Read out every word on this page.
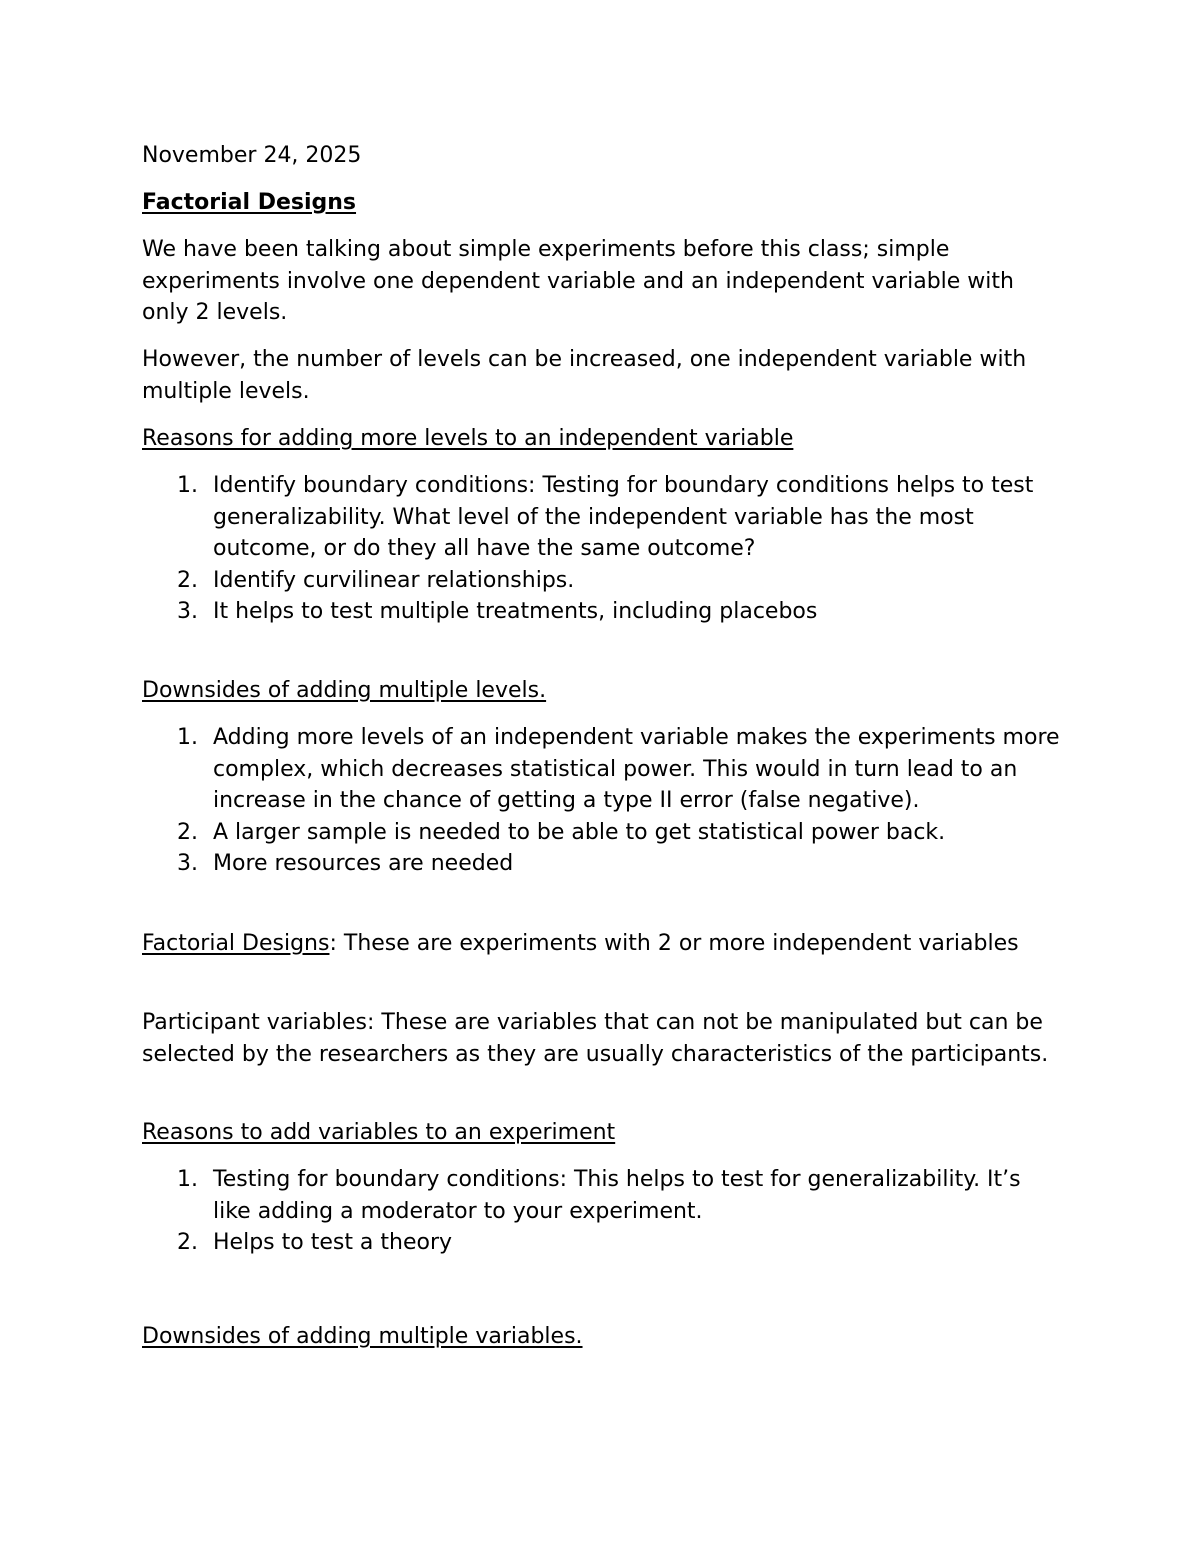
November 24, 2025

Factorial Designs

We have been talking about simple experiments before this class; simple experiments involve one dependent variable and an independent variable with only 2 levels.

However, the number of levels can be increased, one independent variable with multiple levels.

Reasons for adding more levels to an independent variable

1. Identify boundary conditions: Testing for boundary conditions helps to test generalizability. What level of the independent variable has the most outcome, or do they all have the same outcome?
2. Identify curvilinear relationships.
3. It helps to test multiple treatments, including placebos

Downsides of adding multiple levels.

1. Adding more levels of an independent variable makes the experiments more complex, which decreases statistical power. This would in turn lead to an increase in the chance of getting a type II error (false negative).
2. A larger sample is needed to be able to get statistical power back.
3. More resources are needed

Factorial Designs: These are experiments with 2 or more independent variables

Participant variables: These are variables that can not be manipulated but can be selected by the researchers as they are usually characteristics of the participants.

Reasons to add variables to an experiment

1. Testing for boundary conditions: This helps to test for generalizability. It’s like adding a moderator to your experiment.
2. Helps to test a theory

Downsides of adding multiple variables.
